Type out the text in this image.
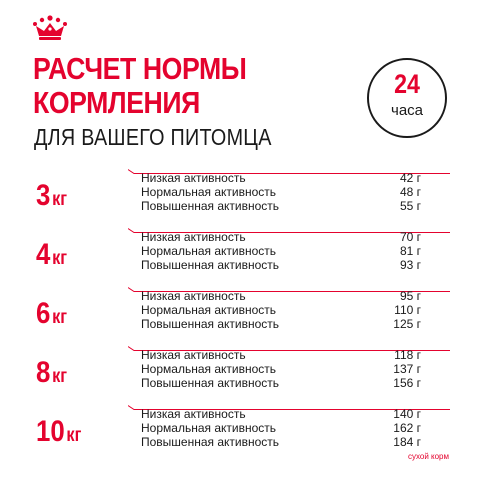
РАСЧЕТ НОРМЫ
КОРМЛЕНИЯ

ДЛЯ ВАШЕГО ПИТОМЦА

24
часа
3кг
Низкая активность	42 г
Нормальная активность	48 г
Повышенная активность	55 г
4кг
Низкая активность	70 г
Нормальная активность	81 г
Повышенная активность	93 г
6кг
Низкая активность	95 г
Нормальная активность	110 г
Повышенная активность	125 г
8кг
Низкая активность	118 г
Нормальная активность	137 г
Повышенная активность	156 г
10кг
Низкая активность	140 г
Нормальная активность	162 г
Повышенная активность	184 г
сухой корм
